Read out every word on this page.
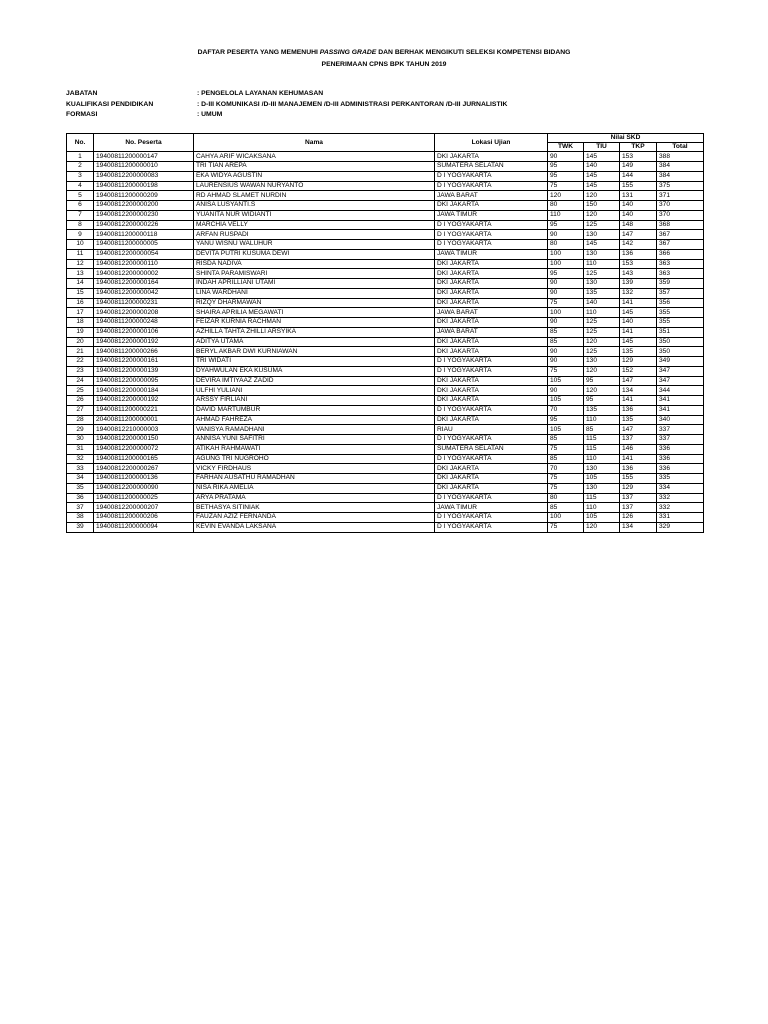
DAFTAR PESERTA YANG MEMENUHI PASSING GRADE DAN BERHAK MENGIKUTI SELEKSI KOMPETENSI BIDANG
PENERIMAAN CPNS BPK TAHUN 2019
JABATAN	: PENGELOLA LAYANAN KEHUMASAN
KUALIFIKASI PENDIDIKAN	: D-III KOMUNIKASI /D-III MANAJEMEN /D-III ADMINISTRASI PERKANTORAN /D-III JURNALISTIK
FORMASI	: UMUM
No.	No. Peserta	Nama	Lokasi Ujian	Nilai SKD			
				TWK	TIU	TKP	Total
1	19400811200000147	CAHYA ARIF WICAKSANA	DKI JAKARTA	90	145	153	388
2	19400811200000010	TRI TIAN AREPA	SUMATERA SELATAN	95	140	149	384
3	19400812200000083	EKA WIDYA AGUSTIN	D I YOGYAKARTA	95	145	144	384
4	19400811200000198	LAURENSIUS WAWAN NURYANTO	D I YOGYAKARTA	75	145	155	375
5	19400811200000209	RD AHMAD SLAMET NURDIN	JAWA BARAT	120	120	131	371
6	19400812200000200	ANISA LUSYANTI.S	DKI JAKARTA	80	150	140	370
7	19400812200000230	YUANITA NUR WIDIANTI	JAWA TIMUR	110	120	140	370
8	19400812200000226	MARCHIA VELLY	D I YOGYAKARTA	95	125	148	368
9	19400811200000118	ARFAN RUSPADI	D I YOGYAKARTA	90	130	147	367
10	19400811200000005	YANU WISNU WALUHUR	D I YOGYAKARTA	80	145	142	367
11	19400812200000054	DEVITA PUTRI KUSUMA DEWI	JAWA TIMUR	100	130	136	366
12	19400812200000110	RISDA NADIVA	DKI JAKARTA	100	110	153	363
13	19400812200000002	SHINTA PARAMISWARI	DKI JAKARTA	95	125	143	363
14	19400812200000164	INDAH APRILLIANI UTAMI	DKI JAKARTA	90	130	139	359
15	19400812200000042	LINA WARDHANI	DKI JAKARTA	90	135	132	357
16	19400811200000231	RIZQY DHARMAWAN	DKI JAKARTA	75	140	141	356
17	19400812200000208	SHAIRA APRILIA MEGAWATI	JAWA BARAT	100	110	145	355
18	19400811200000248	FEIZAR KURNIA RACHMAN	DKI JAKARTA	90	125	140	355
19	19400812200000106	AZHILLA TAHTA ZHILLI ARSYIKA	JAWA BARAT	85	125	141	351
20	19400812200000192	ADITYA UTAMA	DKI JAKARTA	85	120	145	350
21	19400811200000266	BERYL AKBAR DWI KURNIAWAN	DKI JAKARTA	90	125	135	350
22	19400812200000161	TRI WIDATI	D I YOGYAKARTA	90	130	129	349
23	19400812200000139	DYAHWULAN EKA KUSUMA	D I YOGYAKARTA	75	120	152	347
24	19400812200000095	DEVIRA IMTIYAAZ ZADID	DKI JAKARTA	105	95	147	347
25	19400812200000184	ULFHI YULIANI	DKI JAKARTA	90	120	134	344
26	19400812200000192	ARSSY FIRLIANI	DKI JAKARTA	105	95	141	341
27	19400811200000221	DAVID MARTUMBUR	D I YOGYAKARTA	70	135	136	341
28	20400811200000001	AHMAD FAHREZA	DKI JAKARTA	95	110	135	340
29	19400812210000003	VANISYA RAMADHANI	RIAU	105	85	147	337
30	19400812200000150	ANNISA YUNI SAFITRI	D I YOGYAKARTA	85	115	137	337
31	19400812200000072	ATIKAH RAHMAWATI	SUMATERA SELATAN	75	115	146	336
32	19400811200000165	AGUNG TRI NUGROHO	D I YOGYAKARTA	85	110	141	336
33	19400812200000267	VICKY FIRDHAUS	DKI JAKARTA	70	130	136	336
34	19400811200000136	FARHAN AUSATHU RAMADHAN	DKI JAKARTA	75	105	155	335
35	19400812200000090	NISA RIKA AMELIA	DKI JAKARTA	75	130	129	334
36	19400811200000025	ARYA PRATAMA	D I YOGYAKARTA	80	115	137	332
37	19400812200000207	BETHASYA SITINIAK	JAWA TIMUR	85	110	137	332
38	19400811200000206	FAUZAN AZIZ FERNANDA	D I YOGYAKARTA	100	105	126	331
39	19400811200000094	KEVIN EVANDA LAKSANA	D I YOGYAKARTA	75	120	134	329
